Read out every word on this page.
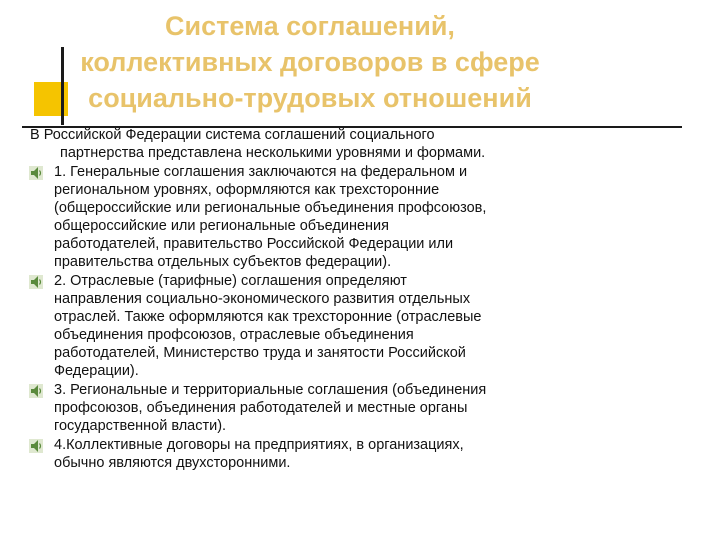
Система соглашений,
коллективных договоров в сфере
социально-трудовых отношений
В Российской Федерации система соглашений социального
партнерства представлена несколькими уровнями и формами.
1. Генеральные соглашения заключаются на федеральном и
региональном уровнях, оформляются как трехсторонние
(общероссийские или региональные объединения профсоюзов,
общероссийские или региональные объединения
работодателей, правительство Российской Федерации или
правительства отдельных субъектов федерации).
2. Отраслевые (тарифные) соглашения определяют
направления социально-экономического развития отдельных
отраслей. Также оформляются как трехсторонние (отраслевые
объединения профсоюзов, отраслевые объединения
работодателей, Министерство труда и занятости Российской
Федерации).
3. Региональные и территориальные соглашения (объединения
профсоюзов, объединения работодателей и местные органы
государственной власти).
4.Коллективные договоры на предприятиях, в организациях,
обычно являются двухсторонними.
